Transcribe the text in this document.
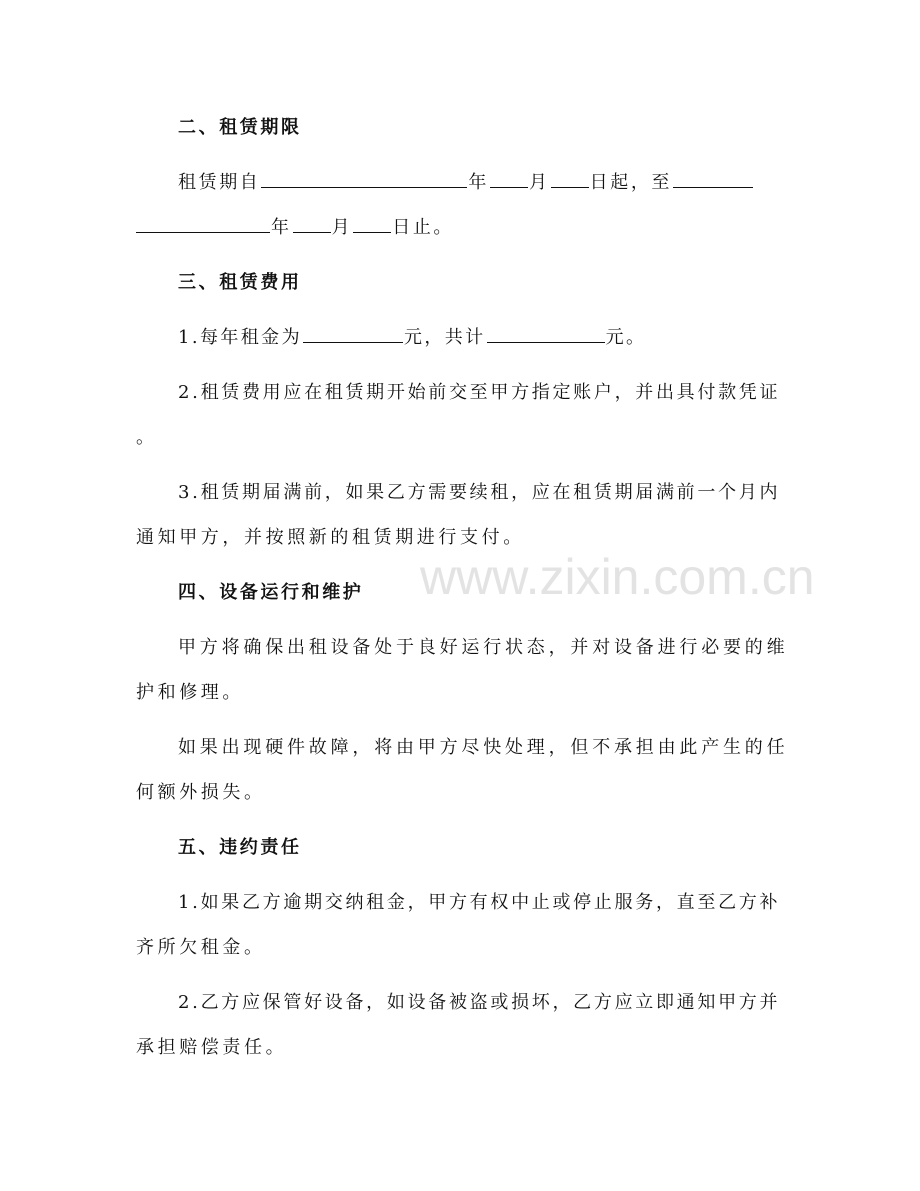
www.zixin.com.cn
二、租赁期限
租赁期自	年 月 日起，至
年 月 日止。
三、租赁费用
1.每年租金为	元，共计	元。
2.租赁费用应在租赁期开始前交至甲方指定账户，并出具付款凭证
。
3.租赁期届满前，如果乙方需要续租，应在租赁期届满前一个月内
通知甲方，并按照新的租赁期进行支付。
四、设备运行和维护
甲方将确保出租设备处于良好运行状态，并对设备进行必要的维
护和修理。
如果出现硬件故障，将由甲方尽快处理，但不承担由此产生的任
何额外损失。
五、违约责任
1.如果乙方逾期交纳租金，甲方有权中止或停止服务，直至乙方补
齐所欠租金。
2.乙方应保管好设备，如设备被盗或损坏，乙方应立即通知甲方并
承担赔偿责任。
